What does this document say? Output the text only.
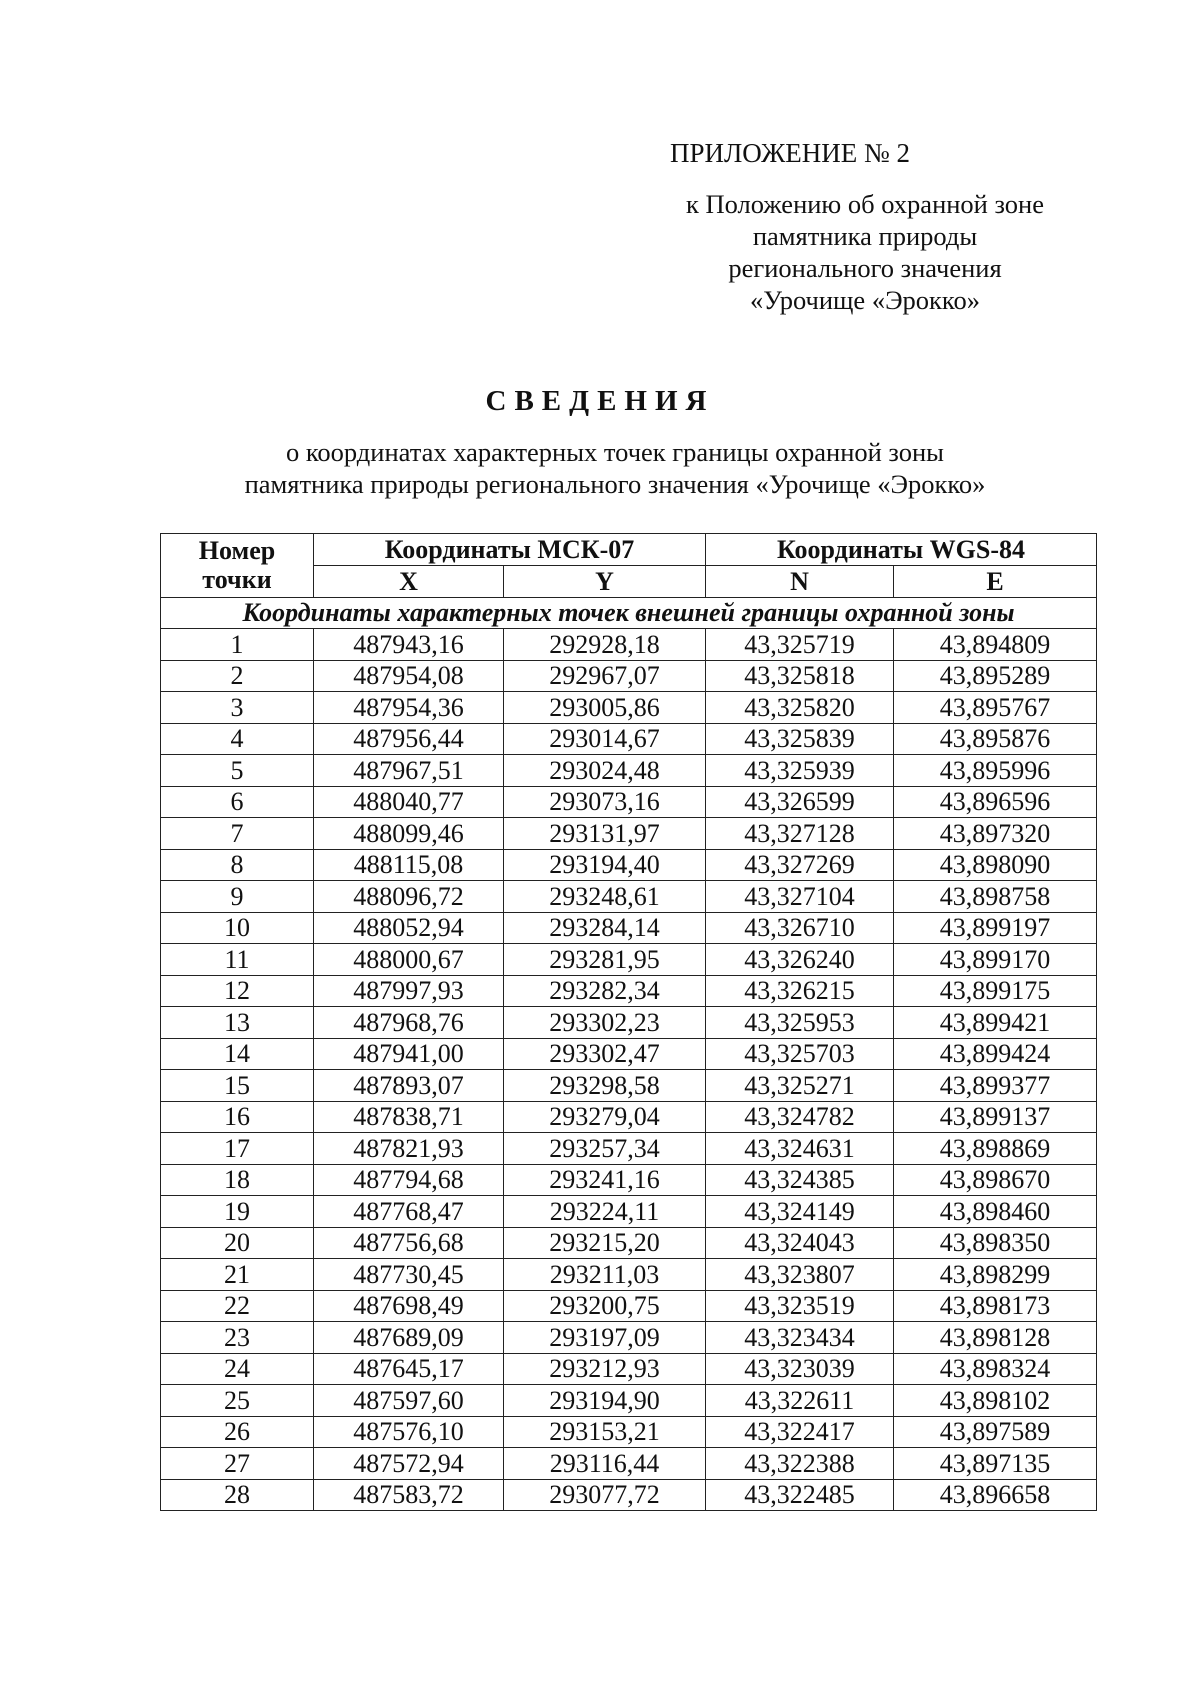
ПРИЛОЖЕНИЕ № 2
к Положению об охранной зоне
памятника природы
регионального значения
«Урочище «Эрокко»
СВЕДЕНИЯ
о координатах характерных точек границы охранной зоны
памятника природы регионального значения «Урочище «Эрокко»
Номер
точки	Координаты МСК-07		Координаты WGS-84	
	X	Y	N	E
Координаты характерных точек внешней границы охранной зоны				
1	487943,16	292928,18	43,325719	43,894809
2	487954,08	292967,07	43,325818	43,895289
3	487954,36	293005,86	43,325820	43,895767
4	487956,44	293014,67	43,325839	43,895876
5	487967,51	293024,48	43,325939	43,895996
6	488040,77	293073,16	43,326599	43,896596
7	488099,46	293131,97	43,327128	43,897320
8	488115,08	293194,40	43,327269	43,898090
9	488096,72	293248,61	43,327104	43,898758
10	488052,94	293284,14	43,326710	43,899197
11	488000,67	293281,95	43,326240	43,899170
12	487997,93	293282,34	43,326215	43,899175
13	487968,76	293302,23	43,325953	43,899421
14	487941,00	293302,47	43,325703	43,899424
15	487893,07	293298,58	43,325271	43,899377
16	487838,71	293279,04	43,324782	43,899137
17	487821,93	293257,34	43,324631	43,898869
18	487794,68	293241,16	43,324385	43,898670
19	487768,47	293224,11	43,324149	43,898460
20	487756,68	293215,20	43,324043	43,898350
21	487730,45	293211,03	43,323807	43,898299
22	487698,49	293200,75	43,323519	43,898173
23	487689,09	293197,09	43,323434	43,898128
24	487645,17	293212,93	43,323039	43,898324
25	487597,60	293194,90	43,322611	43,898102
26	487576,10	293153,21	43,322417	43,897589
27	487572,94	293116,44	43,322388	43,897135
28	487583,72	293077,72	43,322485	43,896658
